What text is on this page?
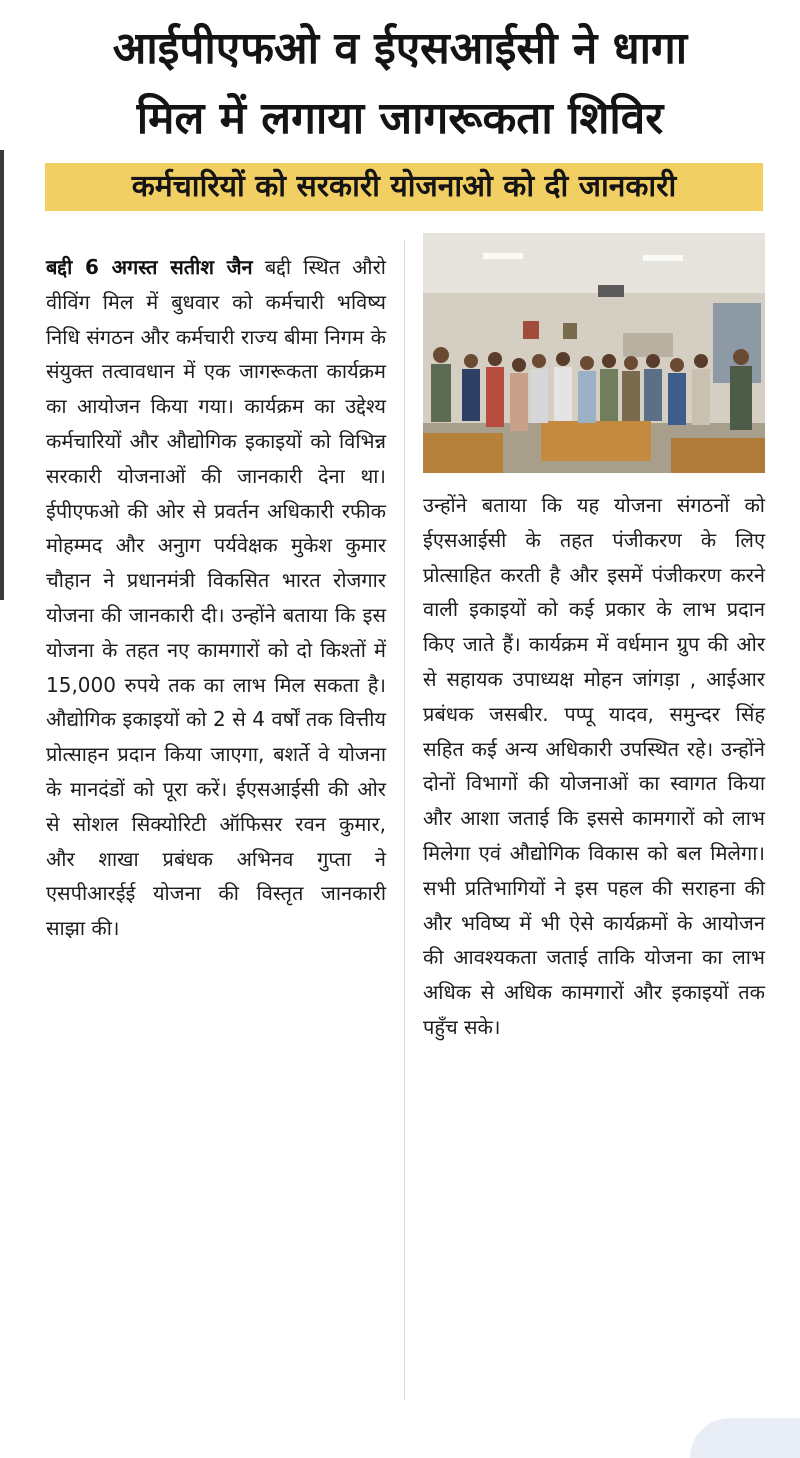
आईपीएफओ व ईएसआईसी ने धागा
मिल में लगाया जागरूकता शिविर
कर्मचारियों को सरकारी योजनाओ को दी जानकारी
बद्दी 6 अगस्त सतीश जैन बद्दी स्थित औरो वीविंग मिल में बुधवार को कर्मचारी भविष्य निधि संगठन और कर्मचारी राज्य बीमा निगम के संयुक्त तत्वावधान में एक जागरूकता कार्यक्रम का आयोजन किया गया। कार्यक्रम का उद्देश्य कर्मचारियों और औद्योगिक इकाइयों को विभिन्न सरकारी योजनाओं की जानकारी देना था। ईपीएफओ की ओर से प्रवर्तन अधिकारी रफीक मोहम्मद और अनुाग पर्यवेक्षक मुकेश कुमार चौहान ने प्रधानमंत्री विकसित भारत रोजगार योजना की जानकारी दी। उन्होंने बताया कि इस योजना के तहत नए कामगारों को दो किश्तों में 15,000 रुपये तक का लाभ मिल सकता है। औद्योगिक इकाइयों को 2 से 4 वर्षों तक वित्तीय प्रोत्साहन प्रदान किया जाएगा, बशर्ते वे योजना के मानदंडों को पूरा करें। ईएसआईसी की ओर से सोशल सिक्योरिटी ऑफिसर रवन कुमार, और शाखा प्रबंधक अभिनव गुप्ता ने एसपीआरईई योजना की विस्तृत जानकारी साझा की।
उन्होंने बताया कि यह योजना संगठनों को ईएसआईसी के तहत पंजीकरण के लिए प्रोत्साहित करती है और इसमें पंजीकरण करने वाली इकाइयों को कई प्रकार के लाभ प्रदान किए जाते हैं। कार्यक्रम में वर्धमान ग्रुप की ओर से सहायक उपाध्यक्ष मोहन जांगड़ा , आईआर प्रबंधक जसबीर. पप्पू यादव, समुन्दर सिंह सहित कई अन्य अधिकारी उपस्थित रहे। उन्होंने दोनों विभागों की योजनाओं का स्वागत किया और आशा जताई कि इससे कामगारों को लाभ मिलेगा एवं औद्योगिक विकास को बल मिलेगा। सभी प्रतिभागियों ने इस पहल की सराहना की और भविष्य में भी ऐसे कार्यक्रमों के आयोजन की आवश्यकता जताई ताकि योजना का लाभ अधिक से अधिक कामगारों और इकाइयों तक पहुँच सके।
